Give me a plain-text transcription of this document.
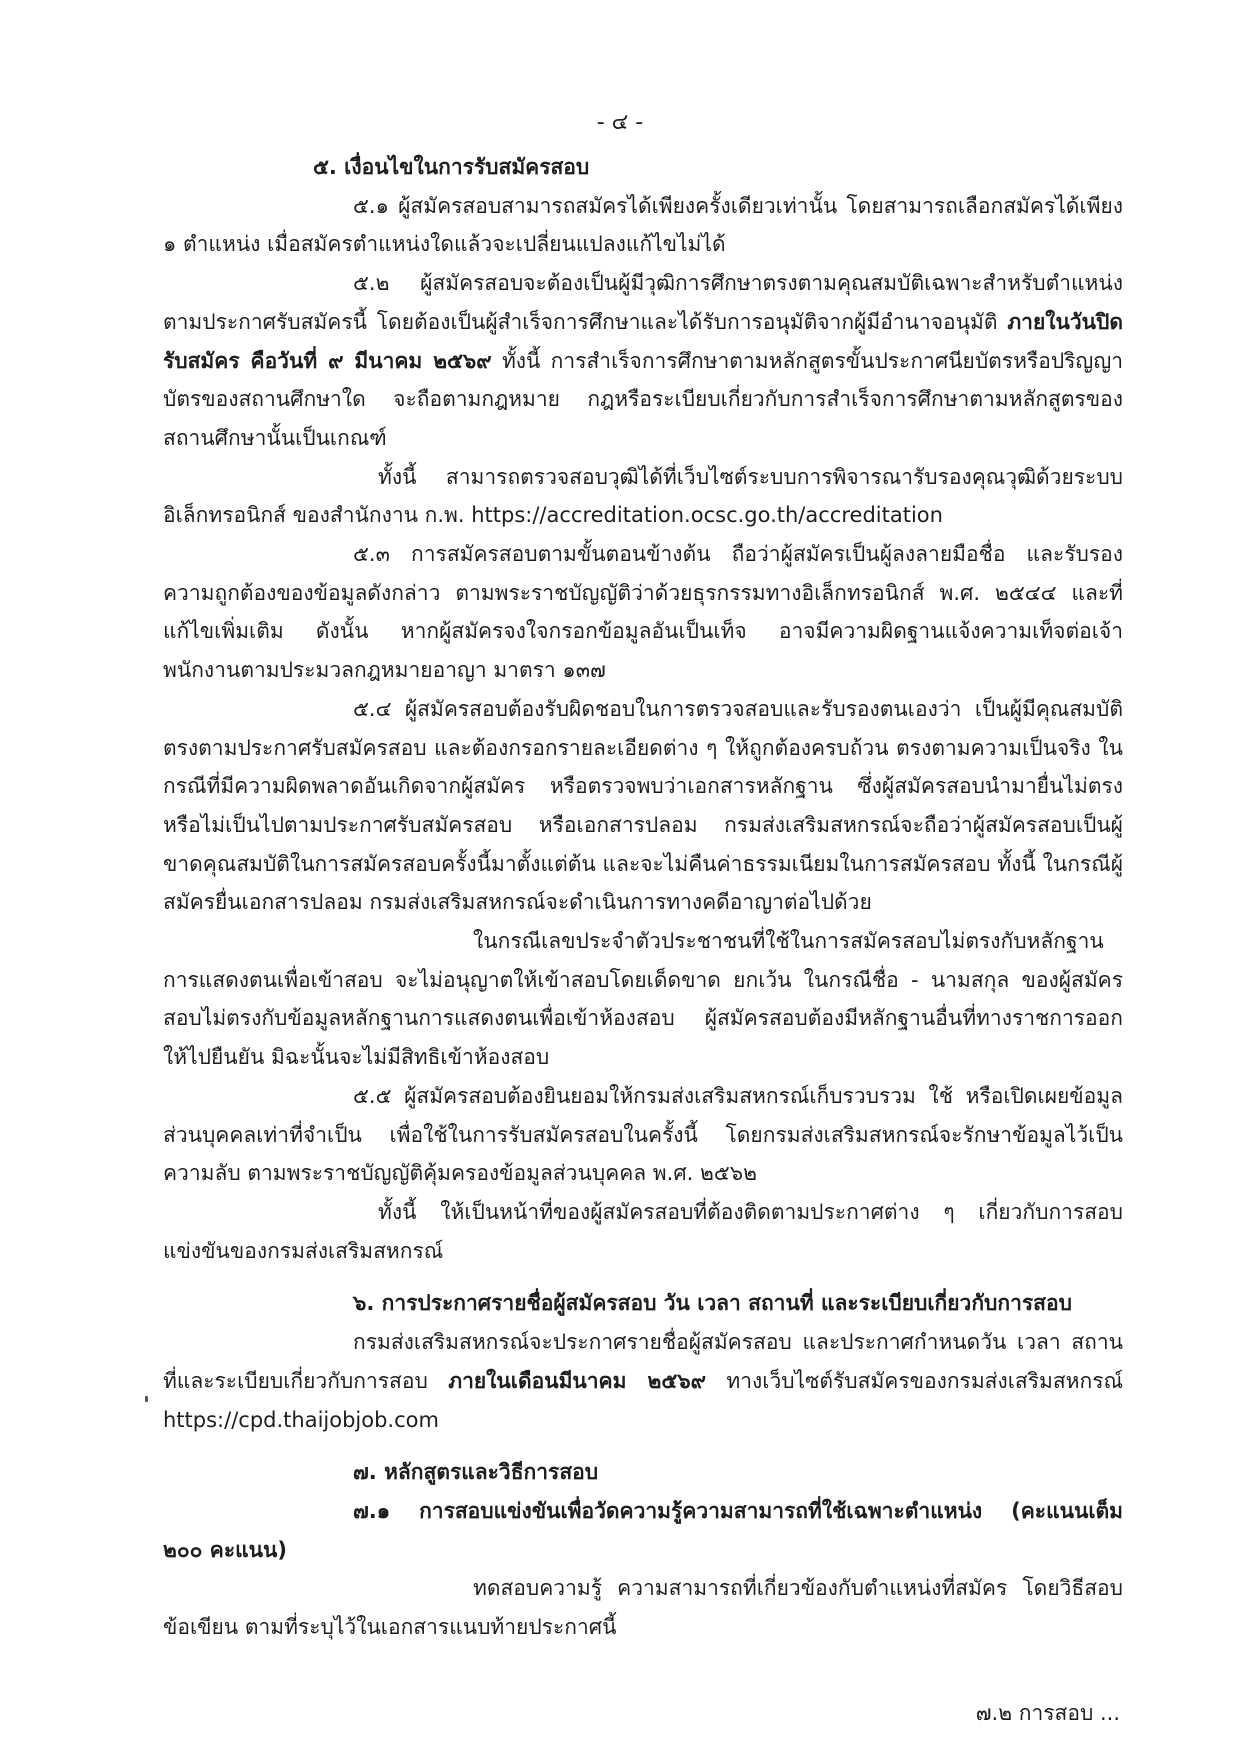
- ๔ -

๕. เงื่อนไขในการรับสมัครสอบ

๕.๑ ผู้สมัครสอบสามารถสมัครได้เพียงครั้งเดียวเท่านั้น โดยสามารถเลือกสมัครได้เพียง ๑ ตำแหน่ง เมื่อสมัครตำแหน่งใดแล้วจะเปลี่ยนแปลงแก้ไขไม่ได้

๕.๒ ผู้สมัครสอบจะต้องเป็นผู้มีวุฒิการศึกษาตรงตามคุณสมบัติเฉพาะสำหรับตำแหน่ง ตามประกาศรับสมัครนี้ โดยต้องเป็นผู้สำเร็จการศึกษาและได้รับการอนุมัติจากผู้มีอำนาจอนุมัติ ภายในวันปิดรับสมัคร คือวันที่ ๙ มีนาคม ๒๕๖๙ ทั้งนี้ การสำเร็จการศึกษาตามหลักสูตรขั้นประกาศนียบัตรหรือปริญญาบัตรของสถานศึกษาใด จะถือตามกฎหมาย กฎหรือระเบียบเกี่ยวกับการสำเร็จการศึกษาตามหลักสูตรของสถานศึกษานั้นเป็นเกณฑ์

ทั้งนี้ สามารถตรวจสอบวุฒิได้ที่เว็บไซต์ระบบการพิจารณารับรองคุณวุฒิด้วยระบบอิเล็กทรอนิกส์ ของสำนักงาน ก.พ. https://accreditation.ocsc.go.th/accreditation

๕.๓ การสมัครสอบตามขั้นตอนข้างต้น ถือว่าผู้สมัครเป็นผู้ลงลายมือชื่อ และรับรองความถูกต้องของข้อมูลดังกล่าว ตามพระราชบัญญัติว่าด้วยธุรกรรมทางอิเล็กทรอนิกส์ พ.ศ. ๒๕๔๔ และที่แก้ไขเพิ่มเติม ดังนั้น หากผู้สมัครจงใจกรอกข้อมูลอันเป็นเท็จ อาจมีความผิดฐานแจ้งความเท็จต่อเจ้าพนักงานตามประมวลกฎหมายอาญา มาตรา ๑๓๗

๕.๔ ผู้สมัครสอบต้องรับผิดชอบในการตรวจสอบและรับรองตนเองว่า เป็นผู้มีคุณสมบัติตรงตามประกาศรับสมัครสอบ และต้องกรอกรายละเอียดต่าง ๆ ให้ถูกต้องครบถ้วน ตรงตามความเป็นจริง ในกรณีที่มีความผิดพลาดอันเกิดจากผู้สมัคร หรือตรวจพบว่าเอกสารหลักฐาน ซึ่งผู้สมัครสอบนำมายื่นไม่ตรงหรือไม่เป็นไปตามประกาศรับสมัครสอบ หรือเอกสารปลอม กรมส่งเสริมสหกรณ์จะถือว่าผู้สมัครสอบเป็นผู้ขาดคุณสมบัติในการสมัครสอบครั้งนี้มาตั้งแต่ต้น และจะไม่คืนค่าธรรมเนียมในการสมัครสอบ ทั้งนี้ ในกรณีผู้สมัครยื่นเอกสารปลอม กรมส่งเสริมสหกรณ์จะดำเนินการทางคดีอาญาต่อไปด้วย

ในกรณีเลขประจำตัวประชาชนที่ใช้ในการสมัครสอบไม่ตรงกับหลักฐานการแสดงตนเพื่อเข้าสอบ จะไม่อนุญาตให้เข้าสอบโดยเด็ดขาด ยกเว้น ในกรณีชื่อ - นามสกุล ของผู้สมัครสอบไม่ตรงกับข้อมูลหลักฐานการแสดงตนเพื่อเข้าห้องสอบ ผู้สมัครสอบต้องมีหลักฐานอื่นที่ทางราชการออกให้ไปยืนยัน มิฉะนั้นจะไม่มีสิทธิเข้าห้องสอบ

๕.๕ ผู้สมัครสอบต้องยินยอมให้กรมส่งเสริมสหกรณ์เก็บรวบรวม ใช้ หรือเปิดเผยข้อมูลส่วนบุคคลเท่าที่จำเป็น เพื่อใช้ในการรับสมัครสอบในครั้งนี้ โดยกรมส่งเสริมสหกรณ์จะรักษาข้อมูลไว้เป็นความลับ ตามพระราชบัญญัติคุ้มครองข้อมูลส่วนบุคคล พ.ศ. ๒๕๖๒

ทั้งนี้ ให้เป็นหน้าที่ของผู้สมัครสอบที่ต้องติดตามประกาศต่าง ๆ เกี่ยวกับการสอบแข่งขันของกรมส่งเสริมสหกรณ์

๖. การประกาศรายชื่อผู้สมัครสอบ วัน เวลา สถานที่ และระเบียบเกี่ยวกับการสอบ

กรมส่งเสริมสหกรณ์จะประกาศรายชื่อผู้สมัครสอบ และประกาศกำหนดวัน เวลา สถานที่และระเบียบเกี่ยวกับการสอบ ภายในเดือนมีนาคม ๒๕๖๙ ทางเว็บไซต์รับสมัครของกรมส่งเสริมสหกรณ์ https://cpd.thaijobjob.com

๗. หลักสูตรและวิธีการสอบ

๗.๑ การสอบแข่งขันเพื่อวัดความรู้ความสามารถที่ใช้เฉพาะตำแหน่ง (คะแนนเต็ม ๒๐๐ คะแนน)

ทดสอบความรู้ ความสามารถที่เกี่ยวข้องกับตำแหน่งที่สมัคร โดยวิธีสอบข้อเขียน ตามที่ระบุไว้ในเอกสารแนบท้ายประกาศนี้

๗.๒ การสอบ ...
